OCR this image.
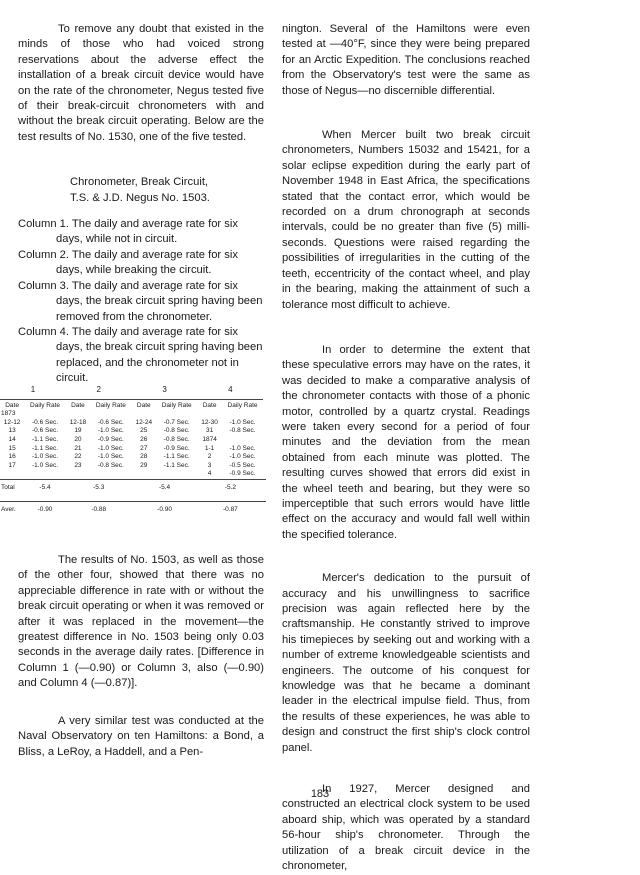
To remove any doubt that existed in the minds of those who had voiced strong reservations about the adverse effect the installation of a break circuit device would have on the rate of the chronometer, Negus tested five of their break-circuit chronometers with and without the break circuit operating. Below are the test results of No. 1530, one of the five tested.

Chronometer, Break Circuit,

T.S. & J.D. Negus No. 1503.

Column 1. The daily and average rate for six days, while not in circuit.

Column 2. The daily and average rate for six days, while breaking the circuit.

Column 3. The daily and average rate for six days, the break circuit spring having been removed from the chronometer.

Column 4. The daily and average rate for six days, the break circuit spring having been replaced, and the chronometer not in circuit.

1		2		3		4		
Date	Daily Rate	Date	Daily Rate	Date	Daily Rate	Date	Daily Rate	
1873								
12-12	-0.6 Sec.	12-18	-0.6 Sec.	12-24	-0.7 Sec.	12-30	-1.0 Sec.	
13	-0.6 Sec.	19	-1.0 Sec.	25	-0.8 Sec.	31	-0.8 Sec.	
14	-1.1 Sec.	20	-0.9 Sec.	26	-0.8 Sec.	1874		
15	-1.1 Sec.	21	-1.0 Sec.	27	-0.9 Sec.	1-1	-1.0 Sec.	
16	-1.0 Sec.	22	-1.0 Sec.	28	-1.1 Sec.	2	-1.0 Sec.	
17	-1.0 Sec.	23	-0.8 Sec.	29	-1.1 Sec.	3	-0.5 Sec.	
						4	-0.9 Sec.	
Total	-5.4	-5.3		-5.4		-5.2		
Aver.	-0.90	-0.88		-0.90		-0.87		

The results of No. 1503, as well as those of the other four, showed that there was no appreciable difference in rate with or without the break circuit operating or when it was removed or after it was replaced in the movement—the greatest difference in No. 1503 being only 0.03 seconds in the average daily rates. [Difference in Column 1 (—0.90) or Column 3, also (—0.90) and Column 4 (—0.87)].

A very similar test was conducted at the Naval Observatory on ten Hamiltons: a Bond, a Bliss, a LeRoy, a Haddell, and a Pen-

nington. Several of the Hamiltons were even tested at —40°F, since they were being prepared for an Arctic Expedition. The conclusions reached from the Observatory's test were the same as those of Negus—no discernible differential.

When Mercer built two break circuit chronometers, Numbers 15032 and 15421, for a solar eclipse expedition during the early part of November 1948 in East Africa, the specifications stated that the contact error, which would be recorded on a drum chronograph at seconds intervals, could be no greater than five (5) milli-seconds. Questions were raised regarding the possibilities of irregularities in the cutting of the teeth, eccentricity of the contact wheel, and play in the bearing, making the attainment of such a tolerance most difficult to achieve.

In order to determine the extent that these speculative errors may have on the rates, it was decided to make a comparative analysis of the chronometer contacts with those of a phonic motor, controlled by a quartz crystal. Readings were taken every second for a period of four minutes and the deviation from the mean obtained from each minute was plotted. The resulting curves showed that errors did exist in the wheel teeth and bearing, but they were so imperceptible that such errors would have little effect on the accuracy and would fall well within the specified tolerance.

Mercer's dedication to the pursuit of accuracy and his unwillingness to sacrifice precision was again reflected here by the craftsmanship. He constantly strived to improve his timepieces by seeking out and working with a number of extreme knowledgeable scientists and engineers. The outcome of his conquest for knowledge was that he became a dominant leader in the electrical impulse field. Thus, from the results of these experiences, he was able to design and construct the first ship's clock control panel.

In 1927, Mercer designed and constructed an electrical clock system to be used aboard ship, which was operated by a standard 56-hour ship's chronometer. Through the utilization of a break circuit device in the chronometer,

183
